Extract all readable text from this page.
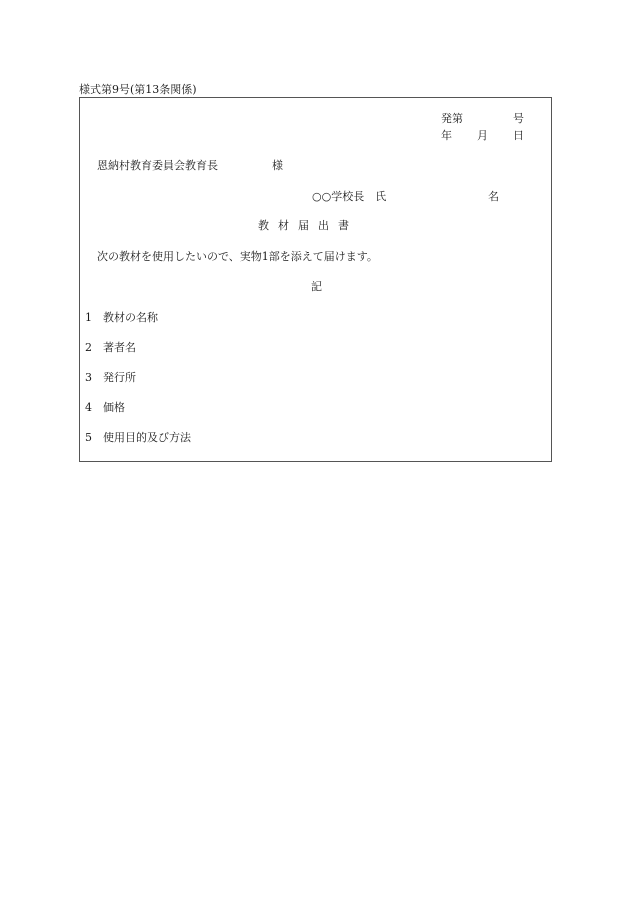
様式第9号(第13条関係)
発第	号
年 月 日
恩納村教育委員会教育長	様
○○学校長　氏	名
教材届出書
次の教材を使用したいので、実物1部を添えて届けます。
記
1 教材の名称
2 著者名
3 発行所
4 価格
5 使用目的及び方法
